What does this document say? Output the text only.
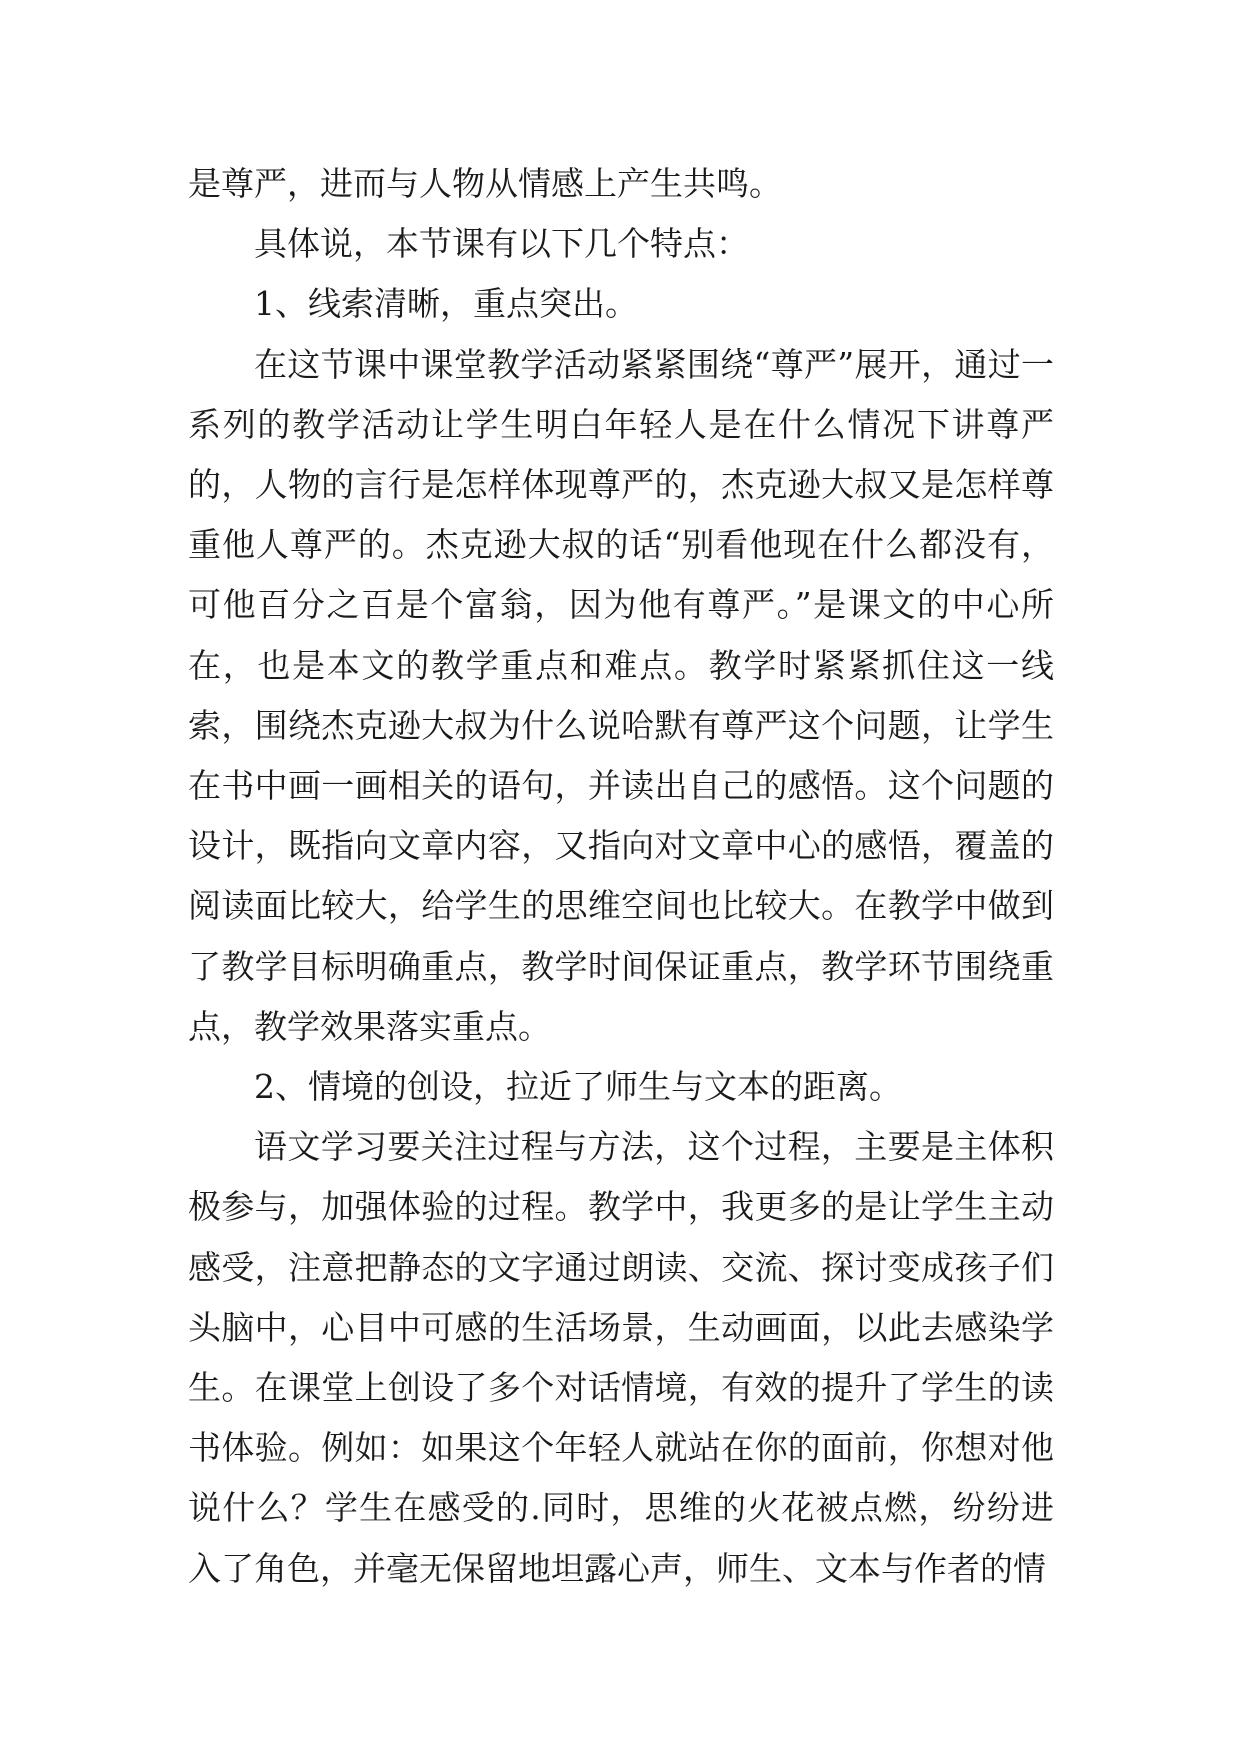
是尊严，进而与人物从情感上产生共鸣。

具体说，本节课有以下几个特点：

1、线索清晰，重点突出。

在这节课中课堂教学活动紧紧围绕“尊严”展开，通过一系列的教学活动让学生明白年轻人是在什么情况下讲尊严的，人物的言行是怎样体现尊严的，杰克逊大叔又是怎样尊重他人尊严的。杰克逊大叔的话“别看他现在什么都没有，可他百分之百是个富翁，因为他有尊严。”是课文的中心所在，也是本文的教学重点和难点。教学时紧紧抓住这一线索，围绕杰克逊大叔为什么说哈默有尊严这个问题，让学生在书中画一画相关的语句，并读出自己的感悟。这个问题的设计，既指向文章内容，又指向对文章中心的感悟，覆盖的阅读面比较大，给学生的思维空间也比较大。在教学中做到了教学目标明确重点，教学时间保证重点，教学环节围绕重点，教学效果落实重点。

2、情境的创设，拉近了师生与文本的距离。

语文学习要关注过程与方法，这个过程，主要是主体积极参与，加强体验的过程。教学中，我更多的是让学生主动感受，注意把静态的文字通过朗读、交流、探讨变成孩子们头脑中，心目中可感的生活场景，生动画面，以此去感染学生。在课堂上创设了多个对话情境，有效的提升了学生的读书体验。例如：如果这个年轻人就站在你的面前，你想对他说什么？学生在感受的.同时，思维的火花被点燃，纷纷进入了角色，并毫无保留地坦露心声，师生、文本与作者的情
